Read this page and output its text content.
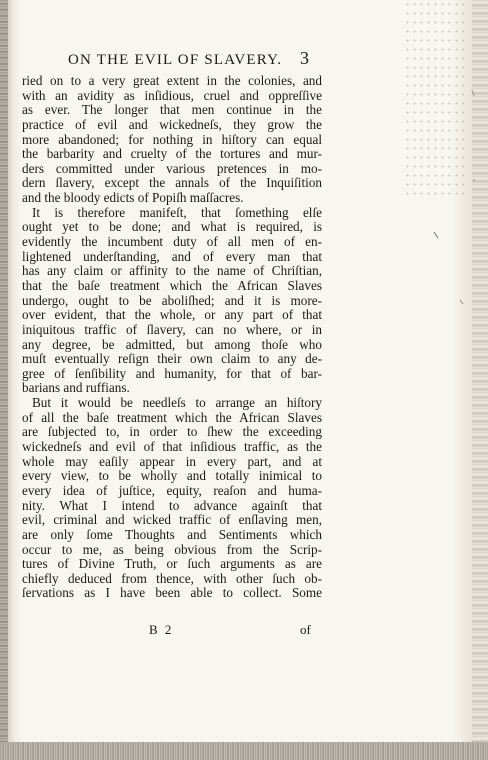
ON THE EVIL OF SLAVERY. 3
ried on to a very great extent in the colonies, and
with an avidity as inſidious, cruel and oppreſſive
as ever. The longer that men continue in the
practice of evil and wickedneſs, they grow the
more abandoned; for nothing in hiſtory can equal
the barbarity and cruelty of the tortures and mur-
ders committed under various pretences in mo-
dern ſlavery, except the annals of the Inquiſition
and the bloody edicts of Popiſh maſſacres.
It is therefore manifeſt, that ſomething elſe
ought yet to be done; and what is required, is
evidently the incumbent duty of all men of en-
lightened underſtanding, and of every man that
has any claim or affinity to the name of Chriſtian,
that the baſe treatment which the African Slaves
undergo, ought to be aboliſhed; and it is more-
over evident, that the whole, or any part of that
iniquitous traffic of ſlavery, can no where, or in
any degree, be admitted, but among thoſe who
muſt eventually reſign their own claim to any de-
gree of ſenſibility and humanity, for that of bar-
barians and ruffians.
But it would be needleſs to arrange an hiſtory
of all the baſe treatment which the African Slaves
are ſubjected to, in order to ſhew the exceeding
wickedneſs and evil of that inſidious traffic, as the
whole may eaſily appear in every part, and at
every view, to be wholly and totally inimical to
every idea of juſtice, equity, reaſon and huma-
nity. What I intend to advance againſt that
evil, criminal and wicked traffic of enſlaving men,
are only ſome Thoughts and Sentiments which
occur to me, as being obvious from the Scrip-
tures of Divine Truth, or ſuch arguments as are
chiefly deduced from thence, with other ſuch ob-
ſervations as I have been able to collect. Some
B 2	of
